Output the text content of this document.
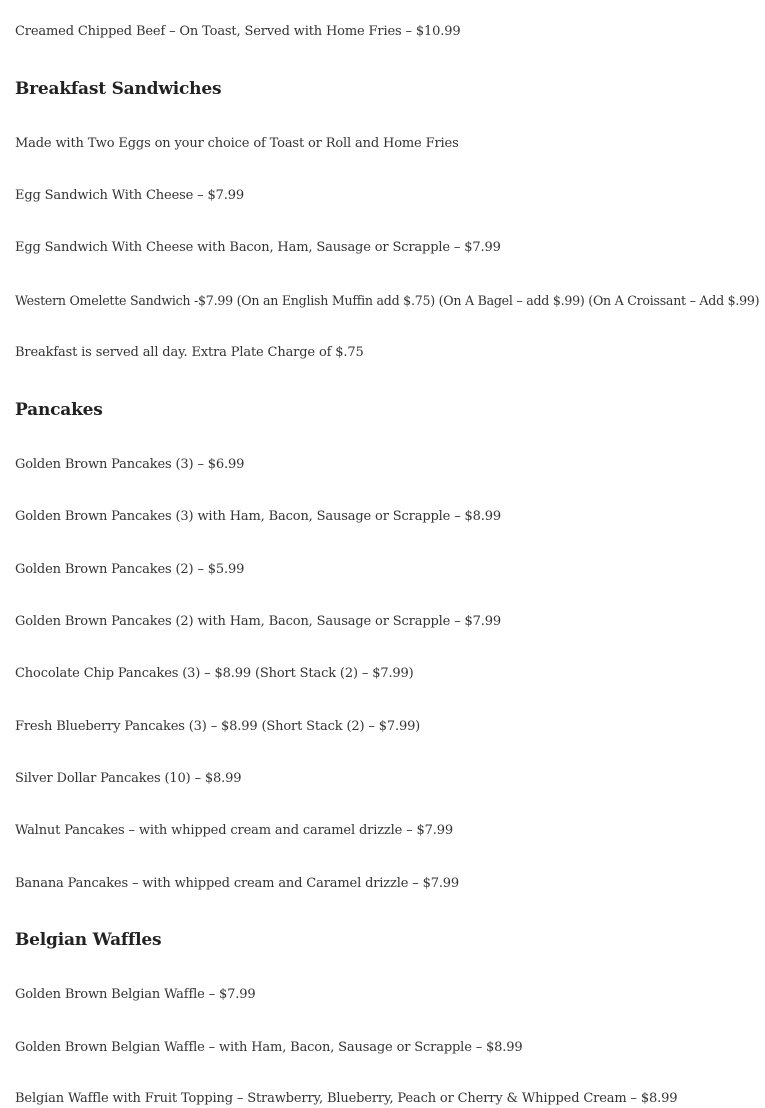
Creamed Chipped Beef – On Toast, Served with Home Fries – $10.99
Breakfast Sandwiches
Made with Two Eggs on your choice of Toast or Roll and Home Fries
Egg Sandwich With Cheese – $7.99
Egg Sandwich With Cheese with Bacon, Ham, Sausage or Scrapple – $7.99
Western Omelette Sandwich -$7.99 (On an English Muffin add $.75) (On A Bagel – add $.99) (On A Croissant – Add $.99)
Breakfast is served all day. Extra Plate Charge of $.75
Pancakes
Golden Brown Pancakes (3) – $6.99
Golden Brown Pancakes (3) with Ham, Bacon, Sausage or Scrapple – $8.99
Golden Brown Pancakes (2) – $5.99
Golden Brown Pancakes (2) with Ham, Bacon, Sausage or Scrapple – $7.99
Chocolate Chip Pancakes (3) – $8.99 (Short Stack (2) – $7.99)
Fresh Blueberry Pancakes (3) – $8.99 (Short Stack (2) – $7.99)
Silver Dollar Pancakes (10) – $8.99
Walnut Pancakes – with whipped cream and caramel drizzle – $7.99
Banana Pancakes – with whipped cream and Caramel drizzle – $7.99
Belgian Waffles
Golden Brown Belgian Waffle – $7.99
Golden Brown Belgian Waffle – with Ham, Bacon, Sausage or Scrapple – $8.99
Belgian Waffle with Fruit Topping – Strawberry, Blueberry, Peach or Cherry & Whipped Cream – $8.99
